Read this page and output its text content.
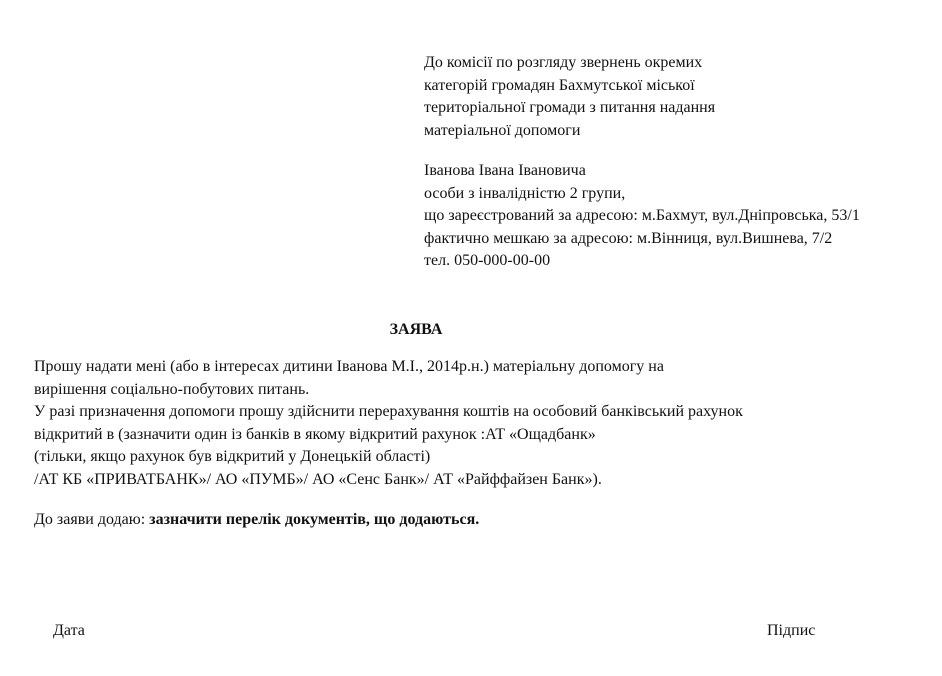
До комісії по розгляду звернень окремих
категорій громадян Бахмутської міської
територіальної громади з питання надання
матеріальної допомоги
Іванова Івана Івановича
особи з інвалідністю 2 групи,
що зареєстрований за адресою: м.Бахмут, вул.Дніпровська, 53/1
фактично мешкаю за адресою: м.Вінниця, вул.Вишнева, 7/2
тел. 050-000-00-00
ЗАЯВА
Прошу надати мені (або в інтересах дитини Іванова М.І., 2014р.н.) матеріальну допомогу на
вирішення соціально-побутових питань.
У разі призначення допомоги прошу здійснити перерахування коштів на особовий банківський рахунок
відкритий в (зазначити один із банків в якому відкритий рахунок :АТ «Ощадбанк»
(тільки, якщо рахунок був відкритий у Донецькій області)
/АТ КБ «ПРИВАТБАНК»/ АО «ПУМБ»/ АО «Сенс Банк»/ АТ «Райффайзен Банк»).
До заяви додаю: зазначити перелік документів, що додаються.
Дата	Підпис
